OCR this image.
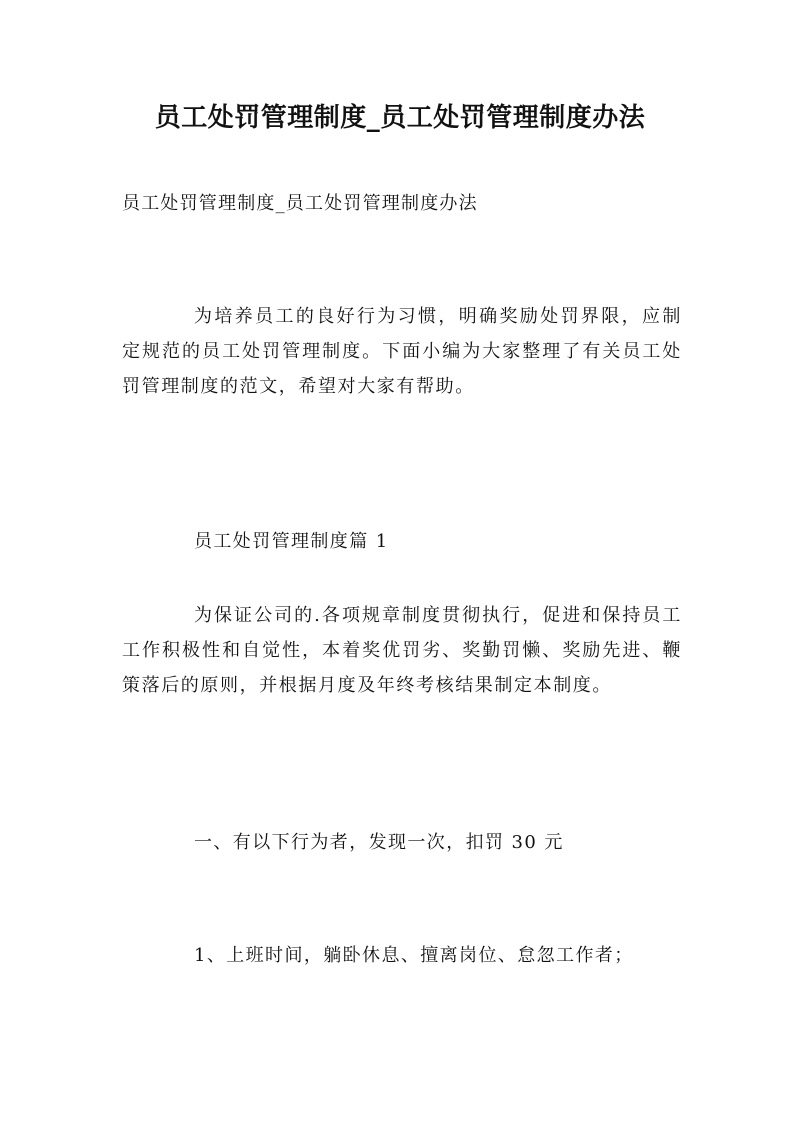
员工处罚管理制度_员工处罚管理制度办法
员工处罚管理制度_员工处罚管理制度办法
为培养员工的良好行为习惯，明确奖励处罚界限，应制定规范的员工处罚管理制度。下面小编为大家整理了有关员工处罚管理制度的范文，希望对大家有帮助。
员工处罚管理制度篇 1
为保证公司的.各项规章制度贯彻执行，促进和保持员工工作积极性和自觉性，本着奖优罚劣、奖勤罚懒、奖励先进、鞭策落后的原则，并根据月度及年终考核结果制定本制度。
一、有以下行为者，发现一次，扣罚 30 元
1、上班时间，躺卧休息、擅离岗位、怠忽工作者；
